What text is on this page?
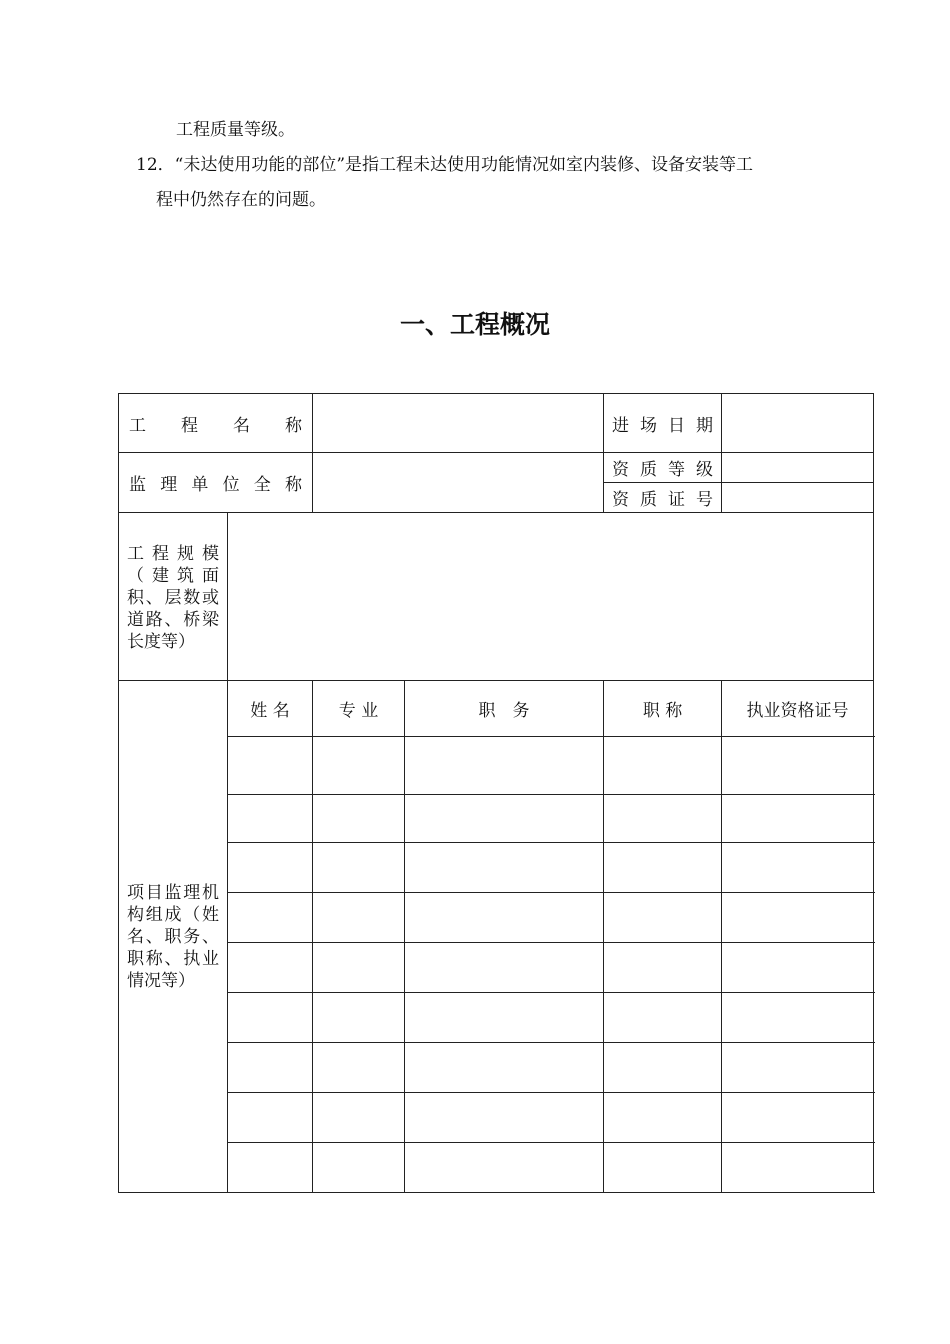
工程质量等级。
12．“未达使用功能的部位”是指工程未达使用功能情况如室内装修、设备安装等工
程中仍然存在的问题。
一、工程概况
工程名称				进场日期	
监理单位全称				资质等级	
				资质证号	
工程规模（建筑面积、层数或道路、桥梁长度等）					
项目监理机构组成（姓名、职务、职称、执业情况等）	姓 名	专 业	职　务	职 称	执业资格证号
